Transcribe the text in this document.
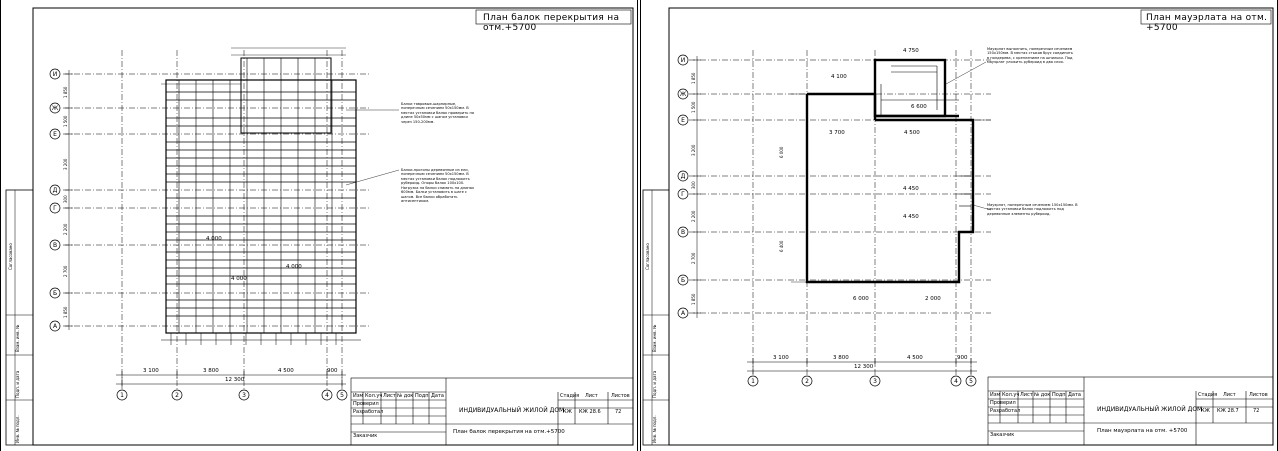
План балок перекрытия на отм.+5700
И
Ж
Е
Д
Г
В
Б
А
1	2	3	4	5
3 100	3 800	4 500	900
12 300
4 000
4 000
4 000
1 850
1 500
3 200
300
2 200
2 700
1 850
Балки тавровые-шарнирные, поперечным сечением 50х150мм. В местах установки балок проверить на длине 50х50мм с шагом установки через 150-200мм.
Балки-прогоны деревянные из ели, поперечным сечением 50х150мм. В местах установки балок подложить рубероид. Опоры балок 100х100. Нагрузка на балки снимать на длинах 600мм. Балки установить в шаге с шагом. Все балки обработать антисептиком.
Инв. № подл.
Подп. и дата
Взам. инв. №
Согласовано
Изм Кол.уч Лист № док Подп Дата
Проверил
Разработал
Заказчик
ИНДИВИДУАЛЬНЫЙ ЖИЛОЙ ДОМ
Стадия Лист	Листов
КЖ КЖ 28.6	72
План балок перекрытия на отм.+5700
План мауэрлата на отм. +5700
И
Ж
Е
Д
Г
В
Б
А
1	2	3	4	5
3 100	3 800	4 500	900
12 300
4 750
4 100
6 600
3 700	4 500
4 450
4 450
6 000	2 000
1 850
1 500
3 200
300
2 200
2 700
1 850
6 400
6 000
Мауэрлат выполнить, поперечным сечением 150х150мм. В местах стыков брус соединить в полдерева, с креплением на шпильки. Под мауэрлат уложить рубероид в два слоя.
Мауэрлат, поперечным сечением 150х150мм. В местах установки балок подложить под деревянные элементы рубероид.
Инв. № подл.
Подп. и дата
Взам. инв. №
Согласовано
Изм Кол.уч Лист № док Подп Дата
Проверил
Разработал
Заказчик
ИНДИВИДУАЛЬНЫЙ ЖИЛОЙ ДОМ
Стадия Лист	Листов
КЖ КЖ 28.7	72
План мауэрлата на отм. +5700
